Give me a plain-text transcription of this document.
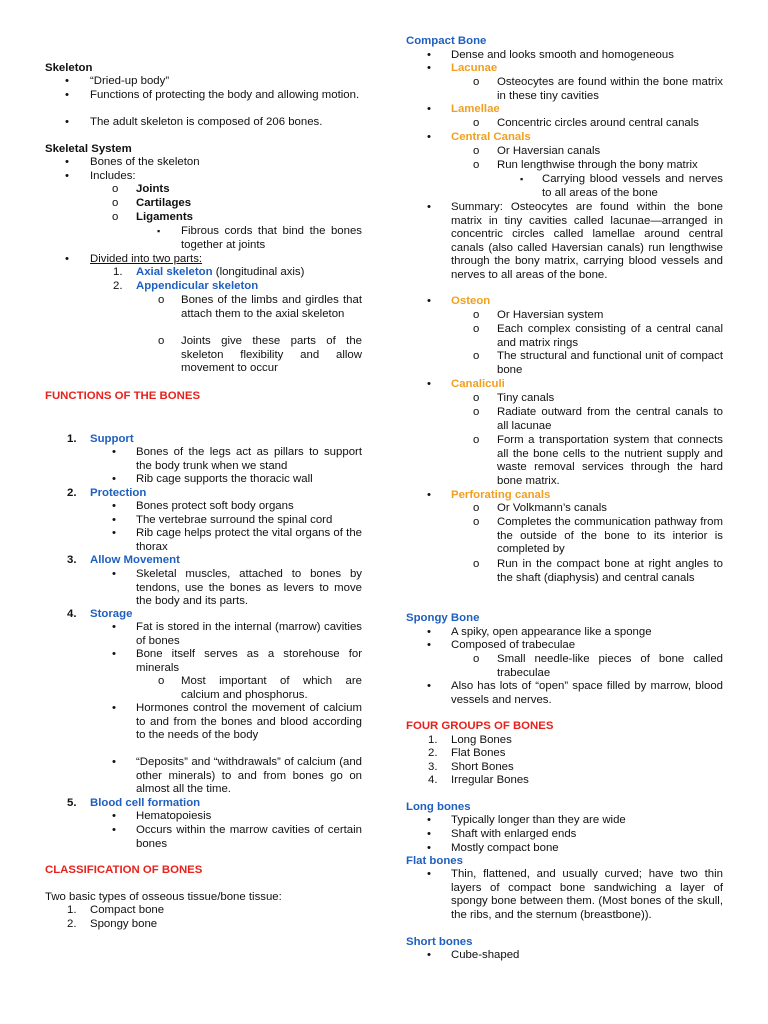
Skeleton
• “Dried-up body”
• Functions of protecting the body and allowing motion.
• The adult skeleton is composed of 206 bones.
Skeletal System
• Bones of the skeleton
• Includes:
o Joints
o Cartilages
o Ligaments
▪ Fibrous cords that bind the bones together at joints
• Divided into two parts:
1. Axial skeleton (longitudinal axis)
2. Appendicular skeleton
o Bones of the limbs and girdles that attach them to the axial skeleton
o Joints give these parts of the skeleton flexibility and allow movement to occur
FUNCTIONS OF THE BONES
1. Support
• Bones of the legs act as pillars to support the body trunk when we stand
• Rib cage supports the thoracic wall
2. Protection
• Bones protect soft body organs
• The vertebrae surround the spinal cord
• Rib cage helps protect the vital organs of the thorax
3. Allow Movement
• Skeletal muscles, attached to bones by tendons, use the bones as levers to move the body and its parts.
4. Storage
• Fat is stored in the internal (marrow) cavities of bones
• Bone itself serves as a storehouse for minerals
o Most important of which are calcium and phosphorus.
• Hormones control the movement of calcium to and from the bones and blood according to the needs of the body
• “Deposits” and “withdrawals” of calcium (and other minerals) to and from bones go on almost all the time.
5. Blood cell formation
• Hematopoiesis
• Occurs within the marrow cavities of certain bones
CLASSIFICATION OF BONES
Two basic types of osseous tissue/bone tissue:
1. Compact bone
2. Spongy bone
Compact Bone
• Dense and looks smooth and homogeneous
• Lacunae
o Osteocytes are found within the bone matrix in these tiny cavities
• Lamellae
o Concentric circles around central canals
• Central Canals
o Or Haversian canals
o Run lengthwise through the bony matrix
▪ Carrying blood vessels and nerves to all areas of the bone
• Summary: Osteocytes are found within the bone matrix in tiny cavities called lacunae—arranged in concentric circles called lamellae around central canals (also called Haversian canals) run lengthwise through the bony matrix, carrying blood vessels and nerves to all areas of the bone.
• Osteon
o Or Haversian system
o Each complex consisting of a central canal and matrix rings
o The structural and functional unit of compact bone
• Canaliculi
o Tiny canals
o Radiate outward from the central canals to all lacunae
o Form a transportation system that connects all the bone cells to the nutrient supply and waste removal services through the hard bone matrix.
• Perforating canals
o Or Volkmann’s canals
o Completes the communication pathway from the outside of the bone to its interior is completed by
o Run in the compact bone at right angles to the shaft (diaphysis) and central canals
Spongy Bone
• A spiky, open appearance like a sponge
• Composed of trabeculae
o Small needle-like pieces of bone called trabeculae
• Also has lots of “open” space filled by marrow, blood vessels and nerves.
FOUR GROUPS OF BONES
1. Long Bones
2. Flat Bones
3. Short Bones
4. Irregular Bones
Long bones
• Typically longer than they are wide
• Shaft with enlarged ends
• Mostly compact bone
Flat bones
• Thin, flattened, and usually curved; have two thin layers of compact bone sandwiching a layer of spongy bone between them. (Most bones of the skull, the ribs, and the sternum (breastbone)).
Short bones
• Cube-shaped
